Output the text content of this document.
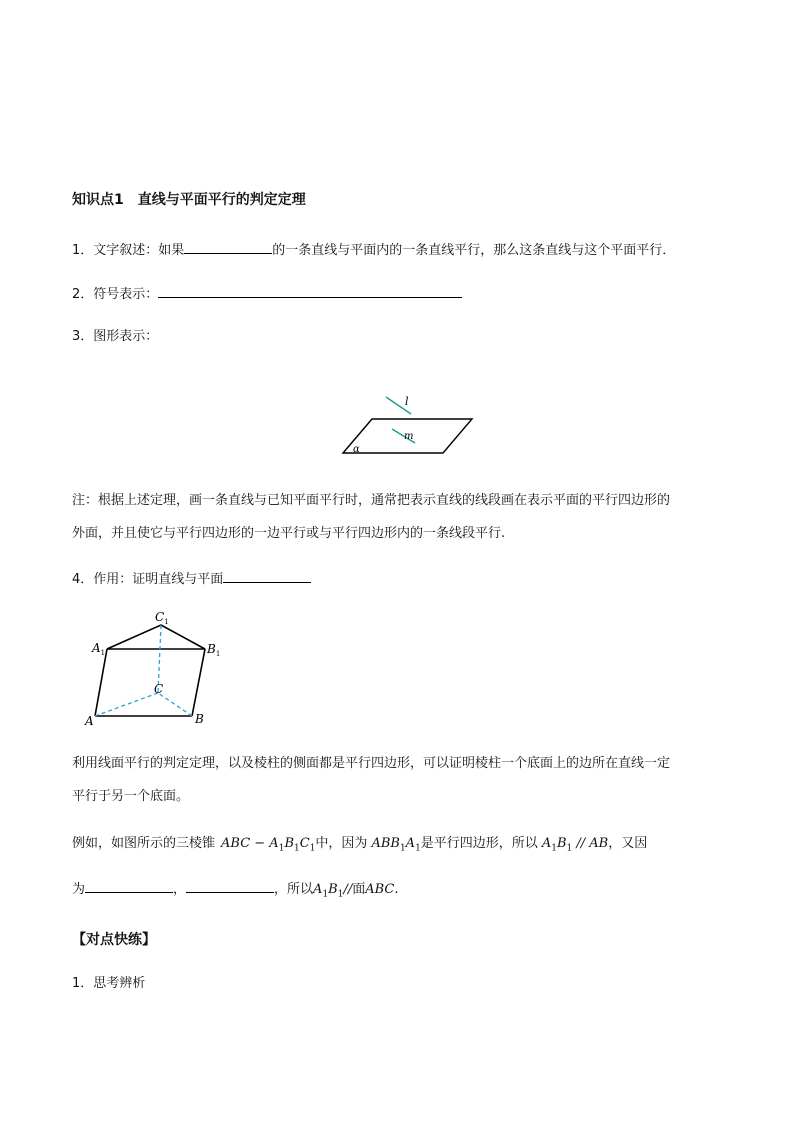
知识点1 直线与平面平行的判定定理
1．文字叙述：如果	的一条直线与平面内的一条直线平行，那么这条直线与这个平面平行．
2．符号表示：
3．图形表示：
l
m
α
注：根据上述定理，画一条直线与已知平面平行时，通常把表示直线的线段画在表示平面的平行四边形的
外面，并且使它与平行四边形的一边平行或与平行四边形内的一条线段平行.
4．作用：证明直线与平面
$C_1$
$A_1$	$B_1$
C
A	B
利用线面平行的判定定理，以及棱柱的侧面都是平行四边形，可以证明棱柱一个底面上的边所在直线一定
平行于另一个底面。
例如，如图所示的三棱锥 ABC − $A_1B_1C_1$中，因为 $ABB_1A_1$是平行四边形，所以 $A_1B_1$ // AB，又因
为	，	，所以$A_1B_1//$面ABC.
【对点快练】
1．思考辨析
